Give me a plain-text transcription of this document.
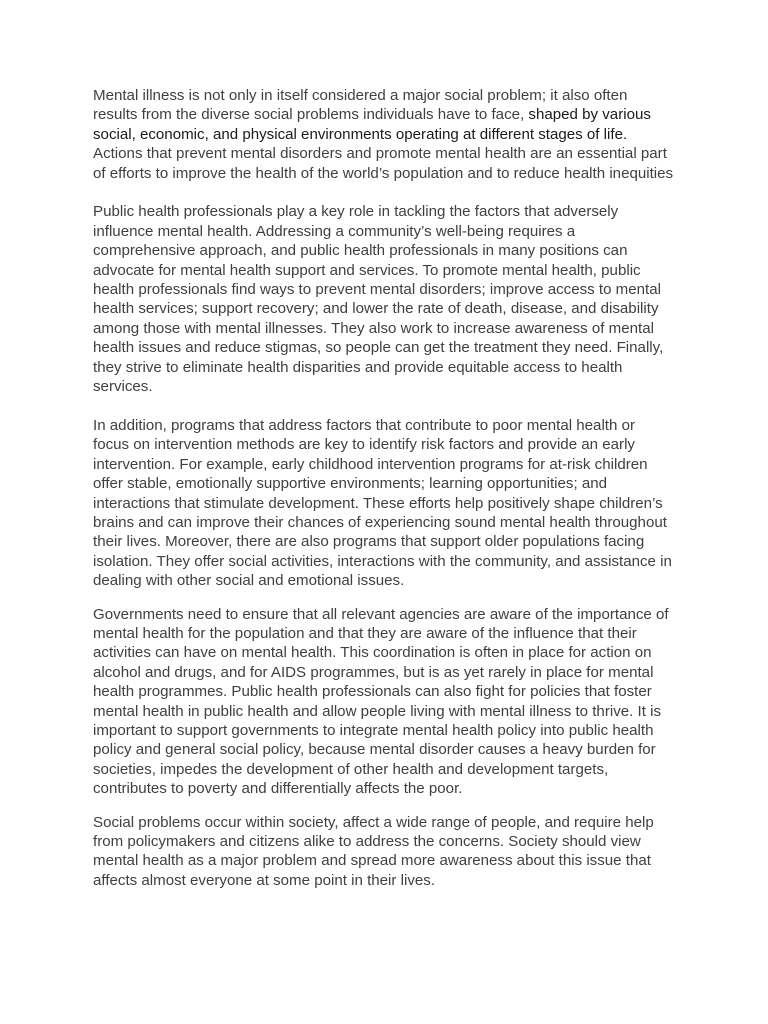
Mental illness is not only in itself considered a major social problem; it also often results from the diverse social problems individuals have to face, shaped by various social, economic, and physical environments operating at different stages of life. Actions that prevent mental disorders and promote mental health are an essential part of efforts to improve the health of the world’s population and to reduce health inequities

Public health professionals play a key role in tackling the factors that adversely influence mental health. Addressing a community’s well-being requires a comprehensive approach, and public health professionals in many positions can advocate for mental health support and services. To promote mental health, public health professionals find ways to prevent mental disorders; improve access to mental health services; support recovery; and lower the rate of death, disease, and disability among those with mental illnesses. They also work to increase awareness of mental health issues and reduce stigmas, so people can get the treatment they need. Finally, they strive to eliminate health disparities and provide equitable access to health services.

In addition, programs that address factors that contribute to poor mental health or focus on intervention methods are key to identify risk factors and provide an early intervention. For example, early childhood intervention programs for at-risk children offer stable, emotionally supportive environments; learning opportunities; and interactions that stimulate development. These efforts help positively shape children’s brains and can improve their chances of experiencing sound mental health throughout their lives. Moreover, there are also programs that support older populations facing isolation. They offer social activities, interactions with the community, and assistance in dealing with other social and emotional issues.

Governments need to ensure that all relevant agencies are aware of the importance of mental health for the population and that they are aware of the influence that their activities can have on mental health. This coordination is often in place for action on alcohol and drugs, and for AIDS programmes, but is as yet rarely in place for mental health programmes. Public health professionals can also fight for policies that foster mental health in public health and allow people living with mental illness to thrive. It is important to support governments to integrate mental health policy into public health policy and general social policy, because mental disorder causes a heavy burden for societies, impedes the development of other health and development targets, contributes to poverty and differentially affects the poor.

Social problems occur within society, affect a wide range of people, and require help from policymakers and citizens alike to address the concerns. Society should view mental health as a major problem and spread more awareness about this issue that affects almost everyone at some point in their lives.
